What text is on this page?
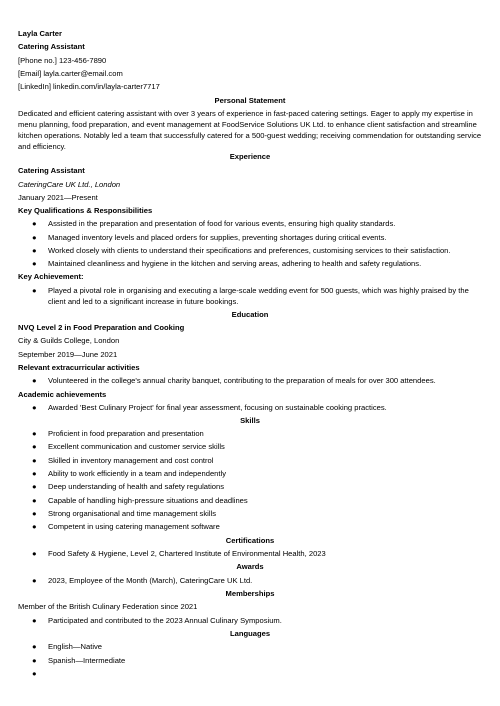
Layla Carter
Catering Assistant
[Phone no.] 123-456-7890
[Email] layla.carter@email.com
[LinkedIn] linkedin.com/in/layla-carter7717
Personal Statement
Dedicated and efficient catering assistant with over 3 years of experience in fast-paced catering settings. Eager to apply my expertise in menu planning, food preparation, and event management at FoodService Solutions UK Ltd. to enhance client satisfaction and streamline kitchen operations. Notably led a team that successfully catered for a 500-guest wedding; receiving commendation for outstanding service and efficiency.
Experience
Catering Assistant
CateringCare UK Ltd., London
January 2021—Present
Key Qualifications & Responsibilities
● Assisted in the preparation and presentation of food for various events, ensuring high quality standards.
● Managed inventory levels and placed orders for supplies, preventing shortages during critical events.
● Worked closely with clients to understand their specifications and preferences, customising services to their satisfaction.
● Maintained cleanliness and hygiene in the kitchen and serving areas, adhering to health and safety regulations.
Key Achievement:
● Played a pivotal role in organising and executing a large-scale wedding event for 500 guests, which was highly praised by the client and led to a significant increase in future bookings.
Education
NVQ Level 2 in Food Preparation and Cooking
City & Guilds College, London
September 2019—June 2021
Relevant extracurricular activities
● Volunteered in the college's annual charity banquet, contributing to the preparation of meals for over 300 attendees.
Academic achievements
● Awarded 'Best Culinary Project' for final year assessment, focusing on sustainable cooking practices.
Skills
● Proficient in food preparation and presentation
● Excellent communication and customer service skills
● Skilled in inventory management and cost control
● Ability to work efficiently in a team and independently
● Deep understanding of health and safety regulations
● Capable of handling high-pressure situations and deadlines
● Strong organisational and time management skills
● Competent in using catering management software
Certifications
● Food Safety & Hygiene, Level 2, Chartered Institute of Environmental Health, 2023
Awards
● 2023, Employee of the Month (March), CateringCare UK Ltd.
Memberships
Member of the British Culinary Federation since 2021
● Participated and contributed to the 2023 Annual Culinary Symposium.
Languages
● English—Native
● Spanish—Intermediate
●
